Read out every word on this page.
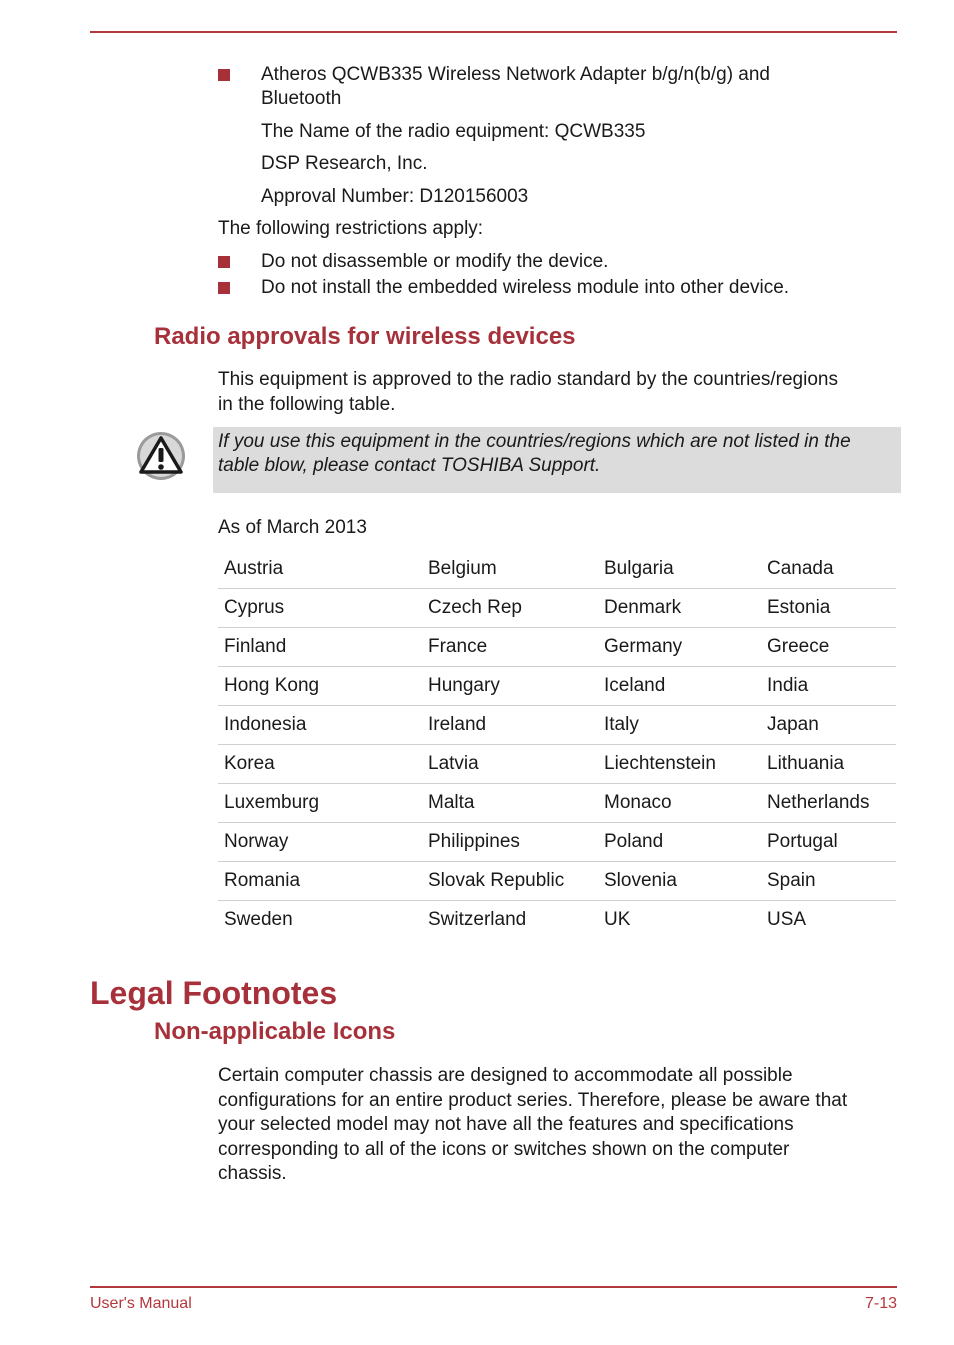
Atheros QCWB335 Wireless Network Adapter b/g/n(b/g) and
Bluetooth
The Name of the radio equipment: QCWB335
DSP Research, Inc.
Approval Number: D120156003
The following restrictions apply:
Do not disassemble or modify the device.
Do not install the embedded wireless module into other device.
Radio approvals for wireless devices
This equipment is approved to the radio standard by the countries/regions
in the following table.
If you use this equipment in the countries/regions which are not listed in the
table blow, please contact TOSHIBA Support.
As of March 2013
Austria	Belgium	Bulgaria	Canada
Cyprus	Czech Rep	Denmark	Estonia
Finland	France	Germany	Greece
Hong Kong	Hungary	Iceland	India
Indonesia	Ireland	Italy	Japan
Korea	Latvia	Liechtenstein	Lithuania
Luxemburg	Malta	Monaco	Netherlands
Norway	Philippines	Poland	Portugal
Romania	Slovak Republic	Slovenia	Spain
Sweden	Switzerland	UK	USA
Legal Footnotes
Non-applicable Icons
Certain computer chassis are designed to accommodate all possible
configurations for an entire product series. Therefore, please be aware that
your selected model may not have all the features and specifications
corresponding to all of the icons or switches shown on the computer
chassis.
User's Manual	7-13
